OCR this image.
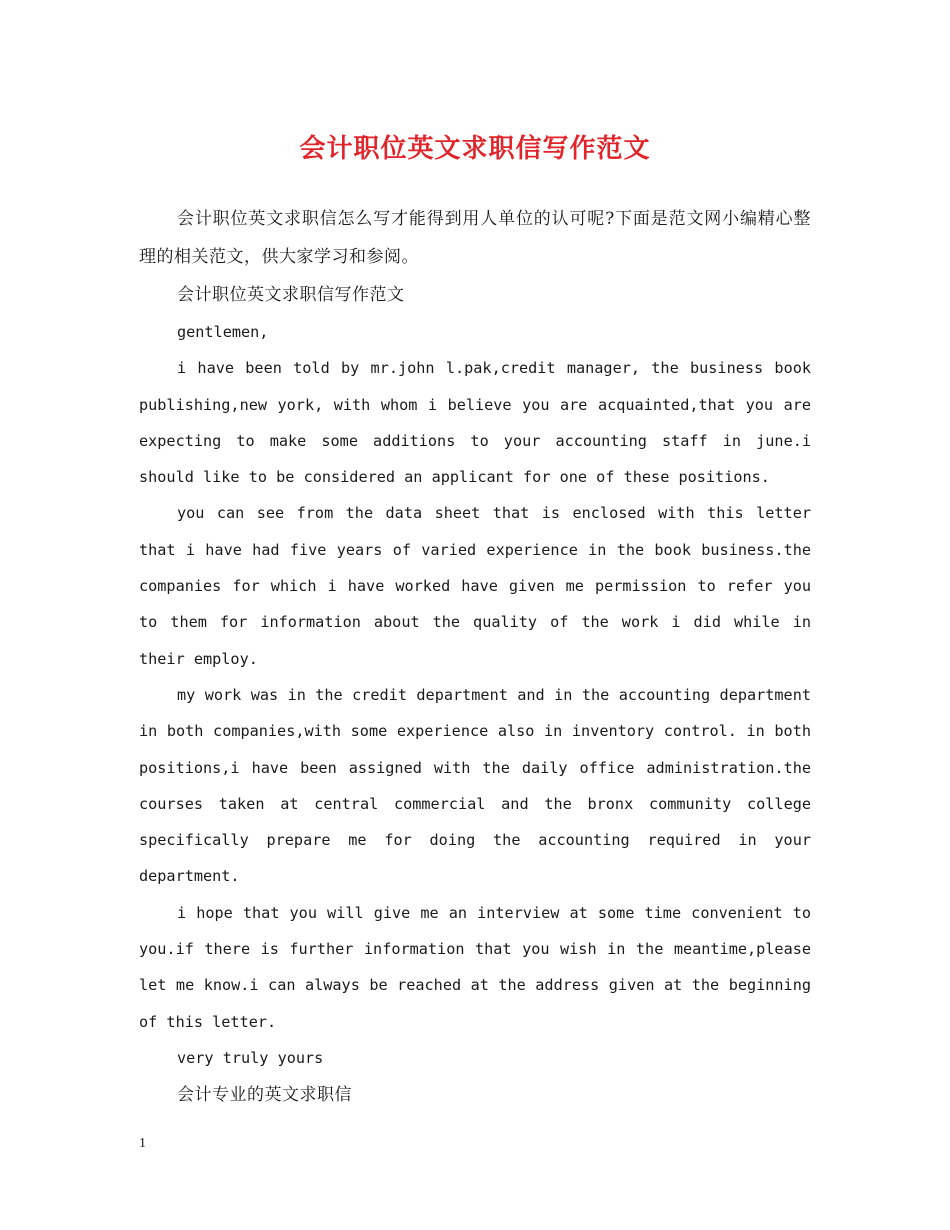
会计职位英文求职信写作范文

会计职位英文求职信怎么写才能得到用人单位的认可呢?下面是范文网小编精心整理的相关范文，供大家学习和参阅。

会计职位英文求职信写作范文

gentlemen,

i have been told by mr.john l.pak,credit manager, the business book publishing,new york, with whom i believe you are acquainted,that you are expecting to make some additions to your accounting staff in june.i should like to be considered an applicant for one of these positions.

you can see from the data sheet that is enclosed with this letter that i have had five years of varied experience in the book business.the companies for which i have worked have given me permission to refer you to them for information about the quality of the work i did while in their employ.

my work was in the credit department and in the accounting department in both companies,with some experience also in inventory control. in both positions,i have been assigned with the daily office administration.the courses taken at central commercial and the bronx community college specifically prepare me for doing the accounting required in your department.

i hope that you will give me an interview at some time convenient to you.if there is further information that you wish in the meantime,please let me know.i can always be reached at the address given at the beginning of this letter.

very truly yours

会计专业的英文求职信

1
